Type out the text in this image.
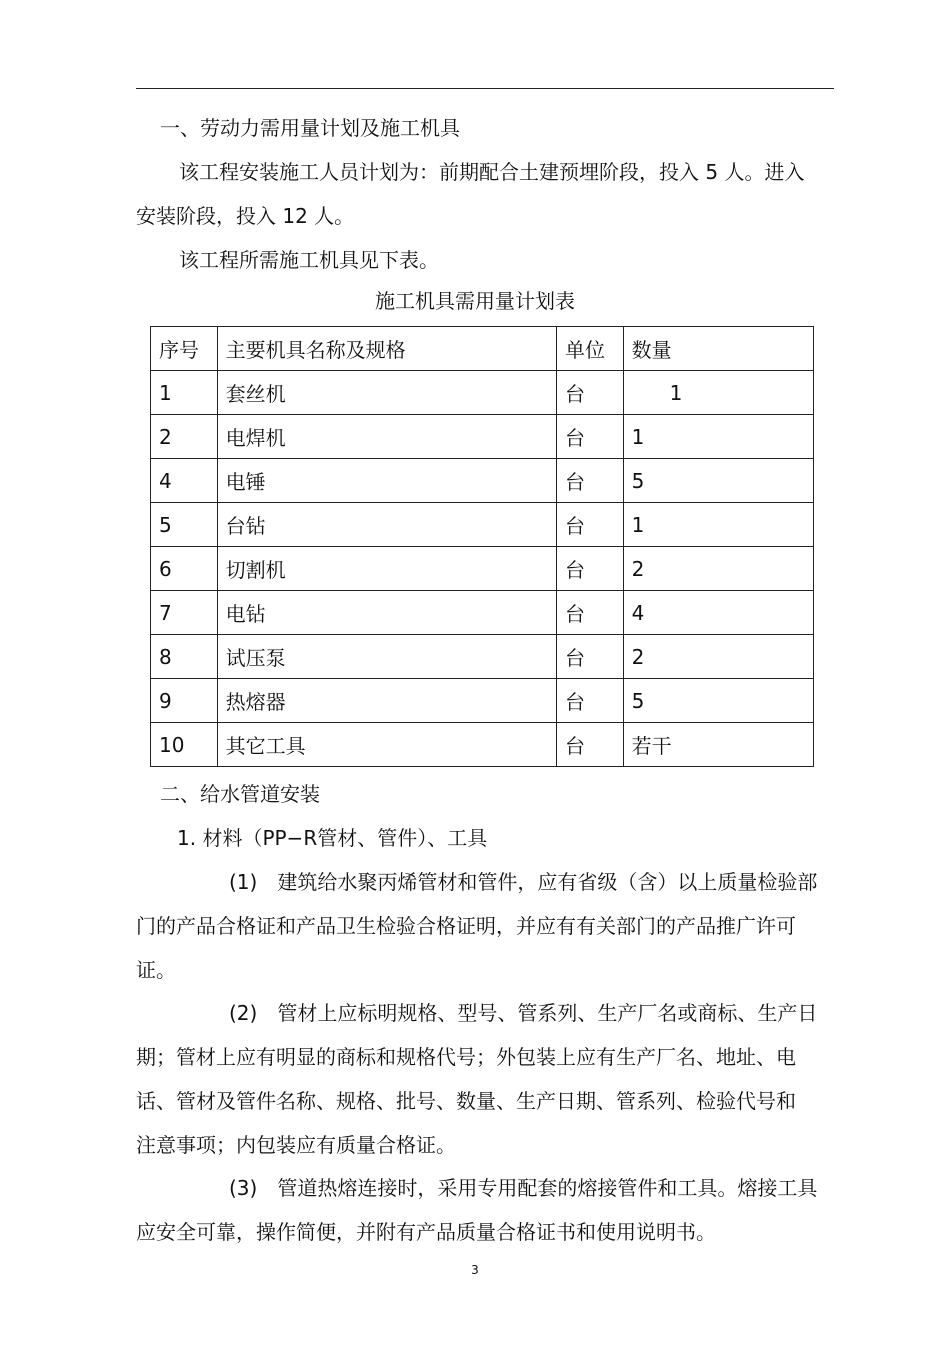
一、劳动力需用量计划及施工机具
该工程安装施工人员计划为：前期配合土建预埋阶段，投入 5 人。进入
安装阶段，投入 12 人。
该工程所需施工机具见下表。
施工机具需用量计划表
序号	主要机具名称及规格	单位	数量
1	套丝机	台	1
2	电焊机	台	1
4	电锤	台	5
5	台钻	台	1
6	切割机	台	2
7	电钻	台	4
8	试压泵	台	2
9	热熔器	台	5
10	其它工具	台	若干
二、给水管道安装
1. 材料（PP−R管材、管件）、工具
(1)　建筑给水聚丙烯管材和管件，应有省级（含）以上质量检验部
门的产品合格证和产品卫生检验合格证明，并应有有关部门的产品推广许可
证。
(2)　管材上应标明规格、型号、管系列、生产厂名或商标、生产日
期；管材上应有明显的商标和规格代号；外包装上应有生产厂名、地址、电
话、管材及管件名称、规格、批号、数量、生产日期、管系列、检验代号和
注意事项；内包装应有质量合格证。
(3)　管道热熔连接时，采用专用配套的熔接管件和工具。熔接工具
应安全可靠，操作简便，并附有产品质量合格证书和使用说明书。
3
